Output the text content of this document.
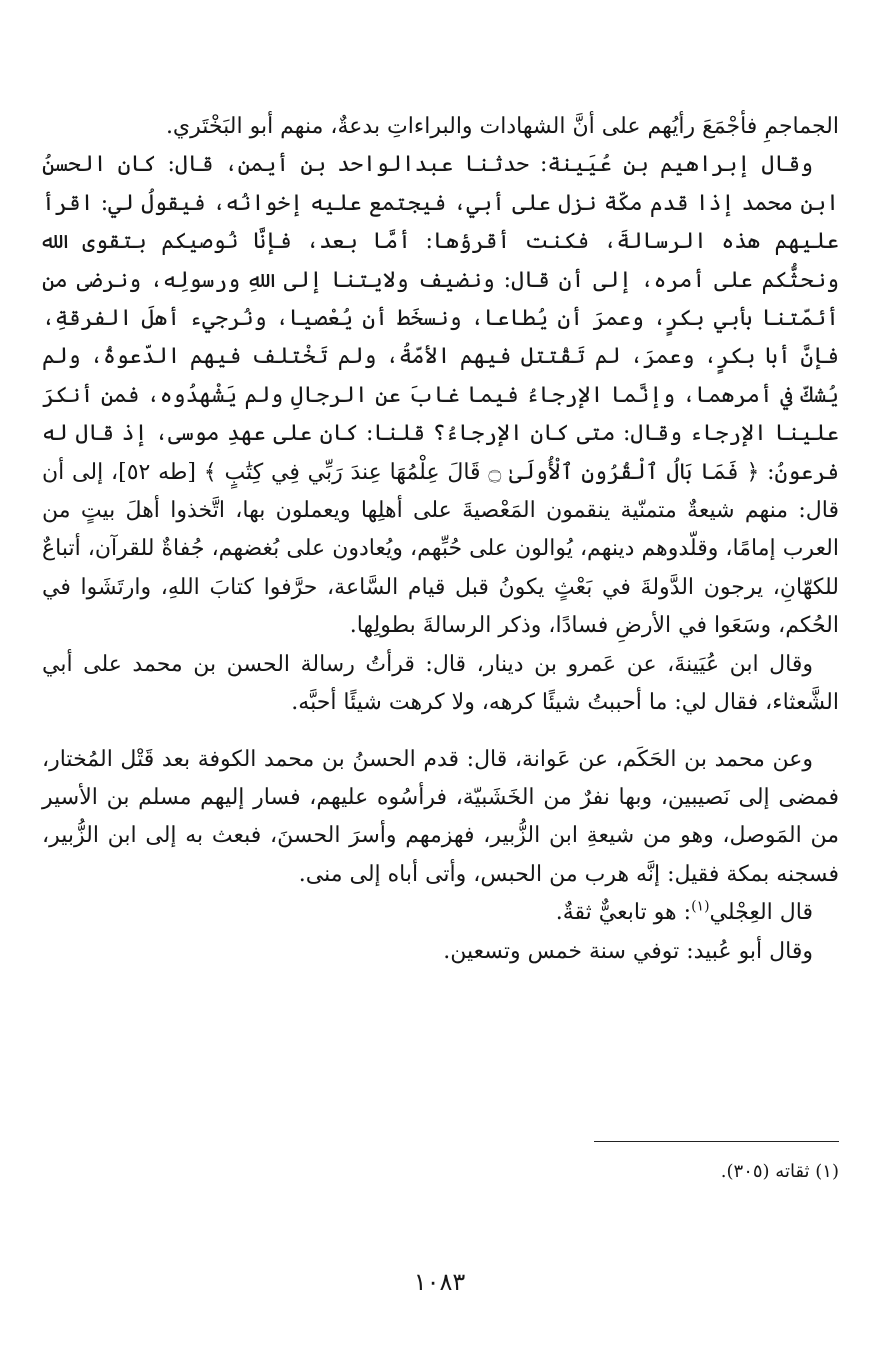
الجماجمِ فأجْمَعَ رأيُهم على أنَّ الشهادات والبراءاتِ بدعةٌ، منهم أبو البَخْتَري.

وقال إبراهيم بن عُيَينة: حدثنا عبدالواحد بن أيمن، قال: كان الحسنُ ابن محمد إذا قدم مكّة نزل على أبي، فيجتمع عليه إخوانُه، فيقولُ لي: اقرأ عليهم هذه الرسالةَ، فكنت أقرؤها: أمَّا بعد، فإنَّا نُوصيكم بتقوى الله ونحثُّكم على أمره، إلى أن قال: ونضيف ولايتنا إلى اللهِ ورسولِه، ونرضى من أئمّتنا بأبي بكرٍ، وعمرَ أن يُطاعا، ونسخَط أن يُعْصيا، ونُرجيء أهلَ الفرقةِ، فإنَّ أبا بكرٍ، وعمرَ، لم تَقْتتل فيهم الأمّةُ، ولم تَخْتلف فيهم الدّعوةُ، ولم يُشكّ في أمرهما، وإنَّما الإرجاءُ فيما غابَ عن الرجالِ ولم يَشْهدُوه، فمن أنكرَ علينا الإرجاء وقال: متى كان الإرجاءُ؟ قلنا: كان على عهدِ موسى، إذ قال له فرعونُ: ﴿ فَمَا بَالُ ٱلْقُرُونِ ٱلْأُولَىٰ ۝ قَالَ عِلْمُهَا عِندَ رَبِّي فِي كِتَٰبٍ ﴾ [طه ٥٢]، إلى أن قال: منهم شيعةٌ متمنّية ينقمون المَعْصيةَ على أهلِها ويعملون بها، اتَّخذوا أهلَ بيتٍ من العرب إمامًا، وقلّدوهم دينهم، يُوالون على حُبِّهم، ويُعادون على بُغضهم، جُفاةٌ للقرآن، أتباعٌ للكهّانِ، يرجون الدَّولةَ في بَعْثٍ يكونُ قبل قيام السَّاعة، حرَّفوا كتابَ اللهِ، وارتَشَوا في الحُكم، وسَعَوا في الأرضِ فسادًا، وذكر الرسالةَ بطولِها.

وقال ابن عُيَينةَ، عن عَمرو بن دينار، قال: قرأتُ رسالة الحسن بن محمد على أبي الشَّعثاء، فقال لي: ما أحببتُ شيئًا كرهه، ولا كرهت شيئًا أحبَّه.

وعن محمد بن الحَكَم، عن عَوانة، قال: قدم الحسنُ بن محمد الكوفة بعد قَتْل المُختار، فمضى إلى نَصيبين، وبها نفرٌ من الخَشَبيّة، فرأسُوه عليهم، فسار إليهم مسلم بن الأسير من المَوصل، وهو من شيعةِ ابن الزُّبير، فهزمهم وأسرَ الحسنَ، فبعث به إلى ابن الزُّبير، فسجنه بمكة فقيل: إنَّه هرب من الحبس، وأتى أباه إلى منى.

قال العِجْلي$^{(١)}$: هو تابعيٌّ ثقةٌ.

وقال أبو عُبيد: توفي سنة خمس وتسعين.

(١) ثقاته (٣٠٥).
١٠٨٣
